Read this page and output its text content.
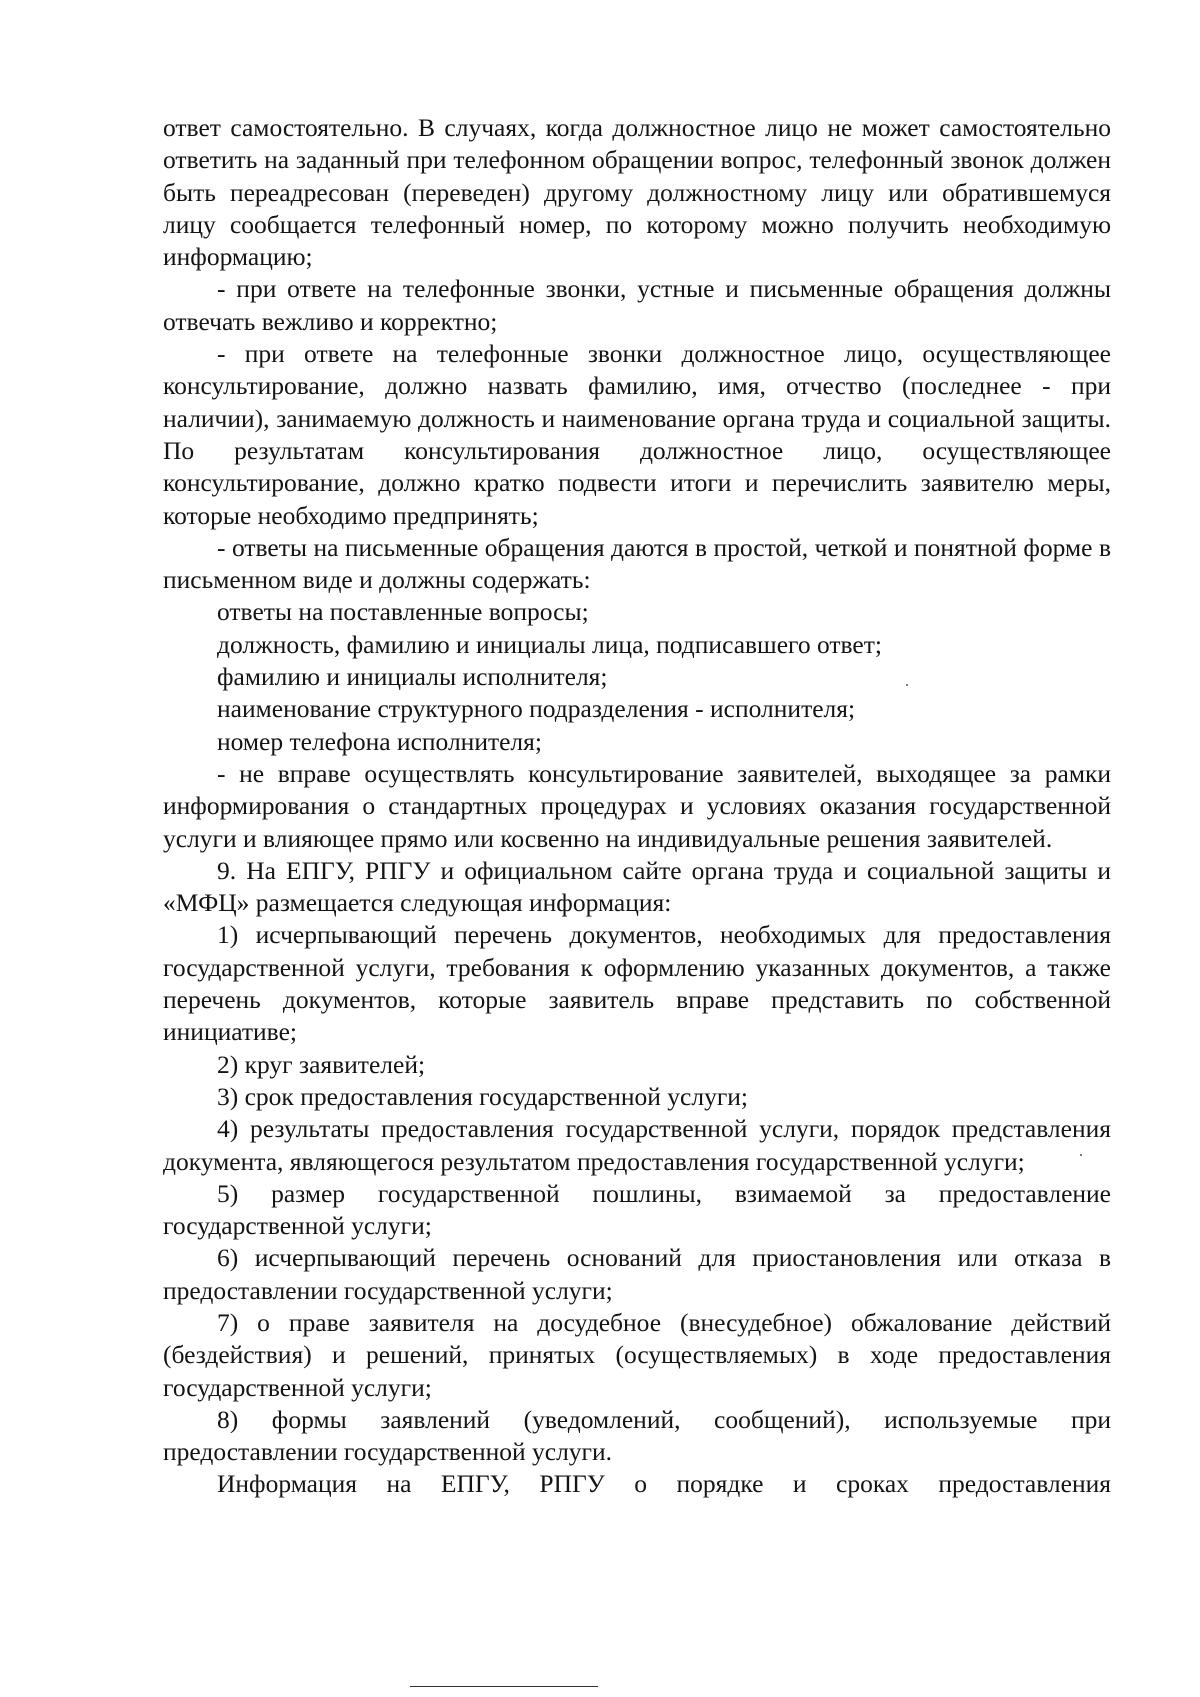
ответ самостоятельно. В случаях, когда должностное лицо не может самостоятельно ответить на заданный при телефонном обращении вопрос, телефонный звонок должен быть переадресован (переведен) другому должностному лицу или обратившемуся лицу сообщается телефонный номер, по которому можно получить необходимую информацию;

- при ответе на телефонные звонки, устные и письменные обращения должны отвечать вежливо и корректно;

- при ответе на телефонные звонки должностное лицо, осуществляющее консультирование, должно назвать фамилию, имя, отчество (последнее - при наличии), занимаемую должность и наименование органа труда и социальной защиты. По результатам консультирования должностное лицо, осуществляющее консультирование, должно кратко подвести итоги и перечислить заявителю меры, которые необходимо предпринять;

- ответы на письменные обращения даются в простой, четкой и понятной форме в письменном виде и должны содержать:

ответы на поставленные вопросы;

должность, фамилию и инициалы лица, подписавшего ответ;

фамилию и инициалы исполнителя;

наименование структурного подразделения - исполнителя;

номер телефона исполнителя;

- не вправе осуществлять консультирование заявителей, выходящее за рамки информирования о стандартных процедурах и условиях оказания государственной услуги и влияющее прямо или косвенно на индивидуальные решения заявителей.

9. На ЕПГУ, РПГУ и официальном сайте органа труда и социальной защиты и «МФЦ» размещается следующая информация:

1) исчерпывающий перечень документов, необходимых для предоставления государственной услуги, требования к оформлению указанных документов, а также перечень документов, которые заявитель вправе представить по собственной инициативе;

2) круг заявителей;

3) срок предоставления государственной услуги;

4) результаты предоставления государственной услуги, порядок представления документа, являющегося результатом предоставления государственной услуги;

5) размер государственной пошлины, взимаемой за предоставление государственной услуги;

6) исчерпывающий перечень оснований для приостановления или отказа в предоставлении государственной услуги;

7) о праве заявителя на досудебное (внесудебное) обжалование действий (бездействия) и решений, принятых (осуществляемых) в ходе предоставления государственной услуги;

8) формы заявлений (уведомлений, сообщений), используемые при предоставлении государственной услуги.

Информация на ЕПГУ, РПГУ о порядке и сроках предоставления
